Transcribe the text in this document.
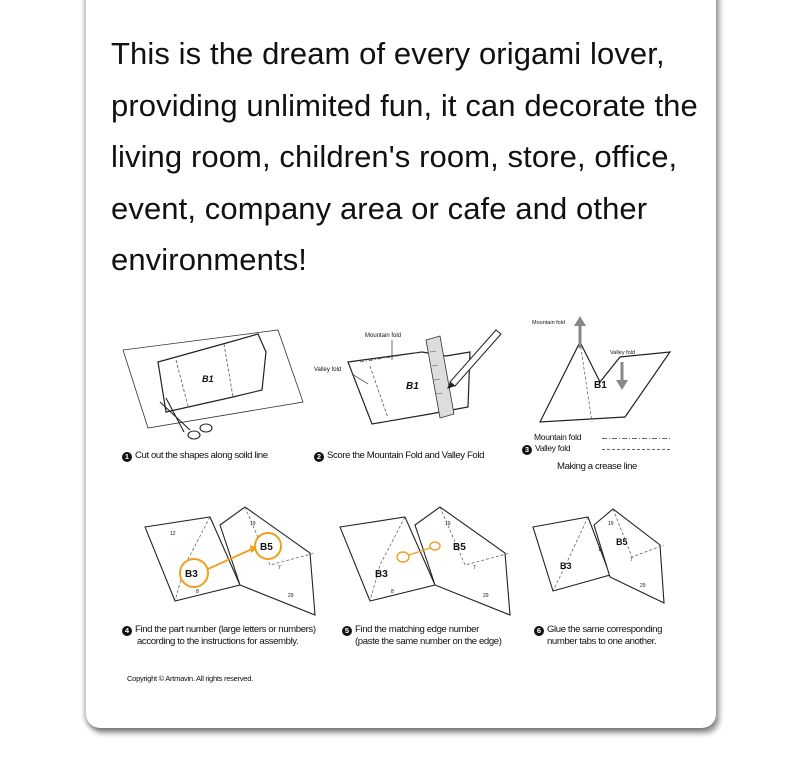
This is the dream of every origami lover, providing unlimited fun, it can decorate the living room, children's room, store, office, event, company area or cafe and other environments!

B1
1 Cut out the shapes along soild line
Mountain fold
Valley fold
B1
2 Score the Mountain Fold and Valley Fold
Mountain fold
Valley fold
B1
Mountain fold
3 Valley fold
Making a crease line
B3
B5
12
19
29
7
8
4 Find the part number (large letters or numbers)
according to the instructions for assembly.
B3
B5
19
29
7
8
5 Find the matching edge number
(paste the same number on the edge)
B3
B5
19
29
7
1
6 Glue the same corresponding
number tabs to one another.
Copyright © Artmavin. All rights reserved.
